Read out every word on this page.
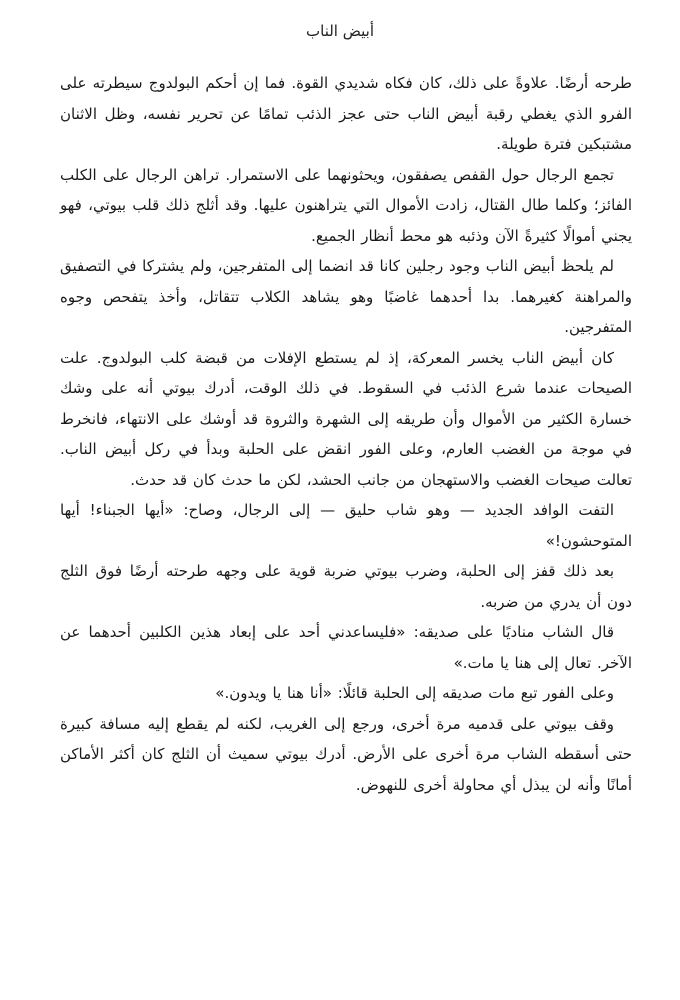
أبيض الناب

طرحه أرضًا. علاوةً على ذلك، كان فكاه شديدي القوة. فما إن أحكم البولدوج سيطرته على الفرو الذي يغطي رقبة أبيض الناب حتى عجز الذئب تمامًا عن تحرير نفسه، وظل الاثنان مشتبكين فترة طويلة.

تجمع الرجال حول القفص يصفقون، ويحثونهما على الاستمرار. تراهن الرجال على الكلب الفائز؛ وكلما طال القتال، زادت الأموال التي يتراهنون عليها. وقد أثلج ذلك قلب بيوتي، فهو يجني أموالًا كثيرةً الآن وذئبه هو محط أنظار الجميع.

لم يلحظ أبيض الناب وجود رجلين كانا قد انضما إلى المتفرجين، ولم يشتركا في التصفيق والمراهنة كغيرهما. بدا أحدهما غاضبًا وهو يشاهد الكلاب تتقاتل، وأخذ يتفحص وجوه المتفرجين.

كان أبيض الناب يخسر المعركة، إذ لم يستطع الإفلات من قبضة كلب البولدوج. علت الصيحات عندما شرع الذئب في السقوط. في ذلك الوقت، أدرك بيوتي أنه على وشك خسارة الكثير من الأموال وأن طريقه إلى الشهرة والثروة قد أوشك على الانتهاء، فانخرط في موجة من الغضب العارم، وعلى الفور انقض على الحلبة وبدأ في ركل أبيض الناب. تعالت صيحات الغضب والاستهجان من جانب الحشد، لكن ما حدث كان قد حدث.

التفت الوافد الجديد — وهو شاب حليق — إلى الرجال، وصاح: «أيها الجبناء! أيها المتوحشون!»

بعد ذلك قفز إلى الحلبة، وضرب بيوتي ضربة قوية على وجهه طرحته أرضًا فوق الثلج دون أن يدري من ضربه.

قال الشاب مناديًا على صديقه: «فليساعدني أحد على إبعاد هذين الكلبين أحدهما عن الآخر. تعال إلى هنا يا مات.»

وعلى الفور تبع مات صديقه إلى الحلبة قائلًا: «أنا هنا يا ويدون.»

وقف بيوتي على قدميه مرة أخرى، ورجع إلى الغريب، لكنه لم يقطع إليه مسافة كبيرة حتى أسقطه الشاب مرة أخرى على الأرض. أدرك بيوتي سميث أن الثلج كان أكثر الأماكن أمانًا وأنه لن يبذل أي محاولة أخرى للنهوض.
